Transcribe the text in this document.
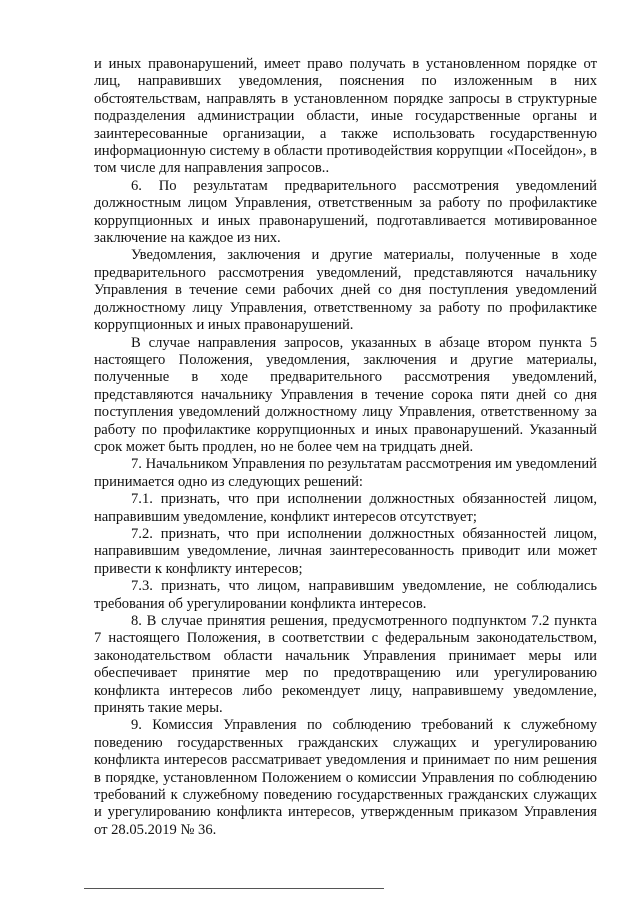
и иных правонарушений, имеет право получать в установленном порядке от лиц, направивших уведомления, пояснения по изложенным в них обстоятельствам, направлять в установленном порядке запросы в структурные подразделения администрации области, иные государственные органы и заинтересованные организации, а также использовать государственную информационную систему в области противодействия коррупции «Посейдон», в том числе для направления запросов..

6. По результатам предварительного рассмотрения уведомлений должностным лицом Управления, ответственным за работу по профилактике коррупционных и иных правонарушений, подготавливается мотивированное заключение на каждое из них.

Уведомления, заключения и другие материалы, полученные в ходе предварительного рассмотрения уведомлений, представляются начальнику Управления в течение семи рабочих дней со дня поступления уведомлений должностному лицу Управления, ответственному за работу по профилактике коррупционных и иных правонарушений.

В случае направления запросов, указанных в абзаце втором пункта 5 настоящего Положения, уведомления, заключения и другие материалы, полученные в ходе предварительного рассмотрения уведомлений, представляются начальнику Управления в течение сорока пяти дней со дня поступления уведомлений должностному лицу Управления, ответственному за работу по профилактике коррупционных и иных правонарушений. Указанный срок может быть продлен, но не более чем на тридцать дней.

7. Начальником Управления по результатам рассмотрения им уведомлений принимается одно из следующих решений:

7.1. признать, что при исполнении должностных обязанностей лицом, направившим уведомление, конфликт интересов отсутствует;

7.2. признать, что при исполнении должностных обязанностей лицом, направившим уведомление, личная заинтересованность приводит или может привести к конфликту интересов;

7.3. признать, что лицом, направившим уведомление, не соблюдались требования об урегулировании конфликта интересов.

8. В случае принятия решения, предусмотренного подпунктом 7.2 пункта 7 настоящего Положения, в соответствии с федеральным законодательством, законодательством области начальник Управления принимает меры или обеспечивает принятие мер по предотвращению или урегулированию конфликта интересов либо рекомендует лицу, направившему уведомление, принять такие меры.

9. Комиссия Управления по соблюдению требований к служебному поведению государственных гражданских служащих и урегулированию конфликта интересов рассматривает уведомления и принимает по ним решения в порядке, установленном Положением о комиссии Управления по соблюдению требований к служебному поведению государственных гражданских служащих и урегулированию конфликта интересов, утвержденным приказом Управления от 28.05.2019 № 36.
